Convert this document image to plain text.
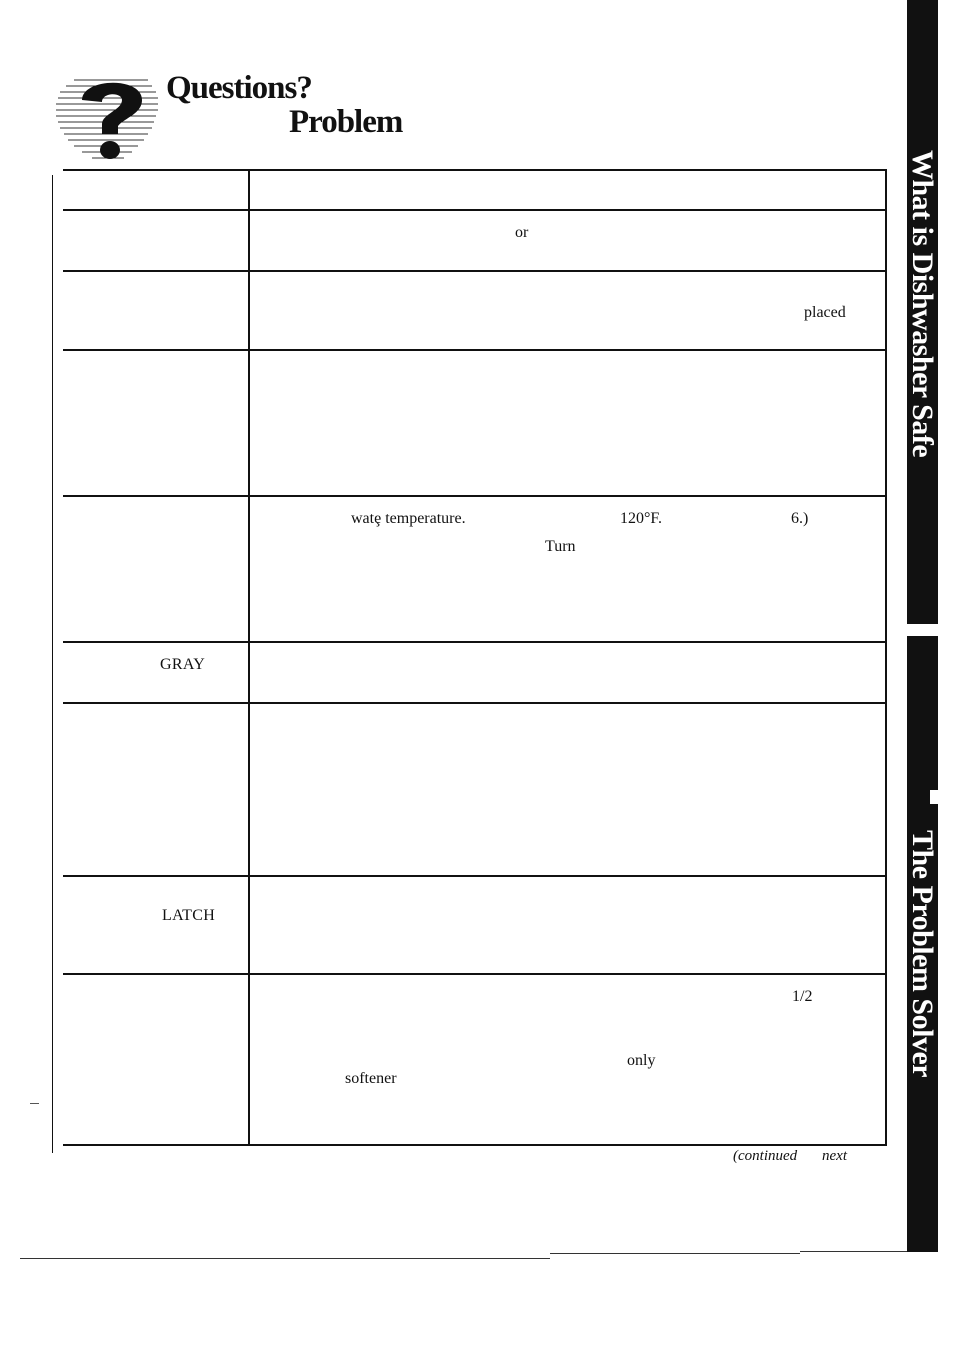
Questions?
Problem
or
placed
watȩ temperature.	120°F.	6.)
Turn
GRAY
LATCH
1/2
only
softener
(continued next
What is Dishwasher Safe
The Problem Solver
